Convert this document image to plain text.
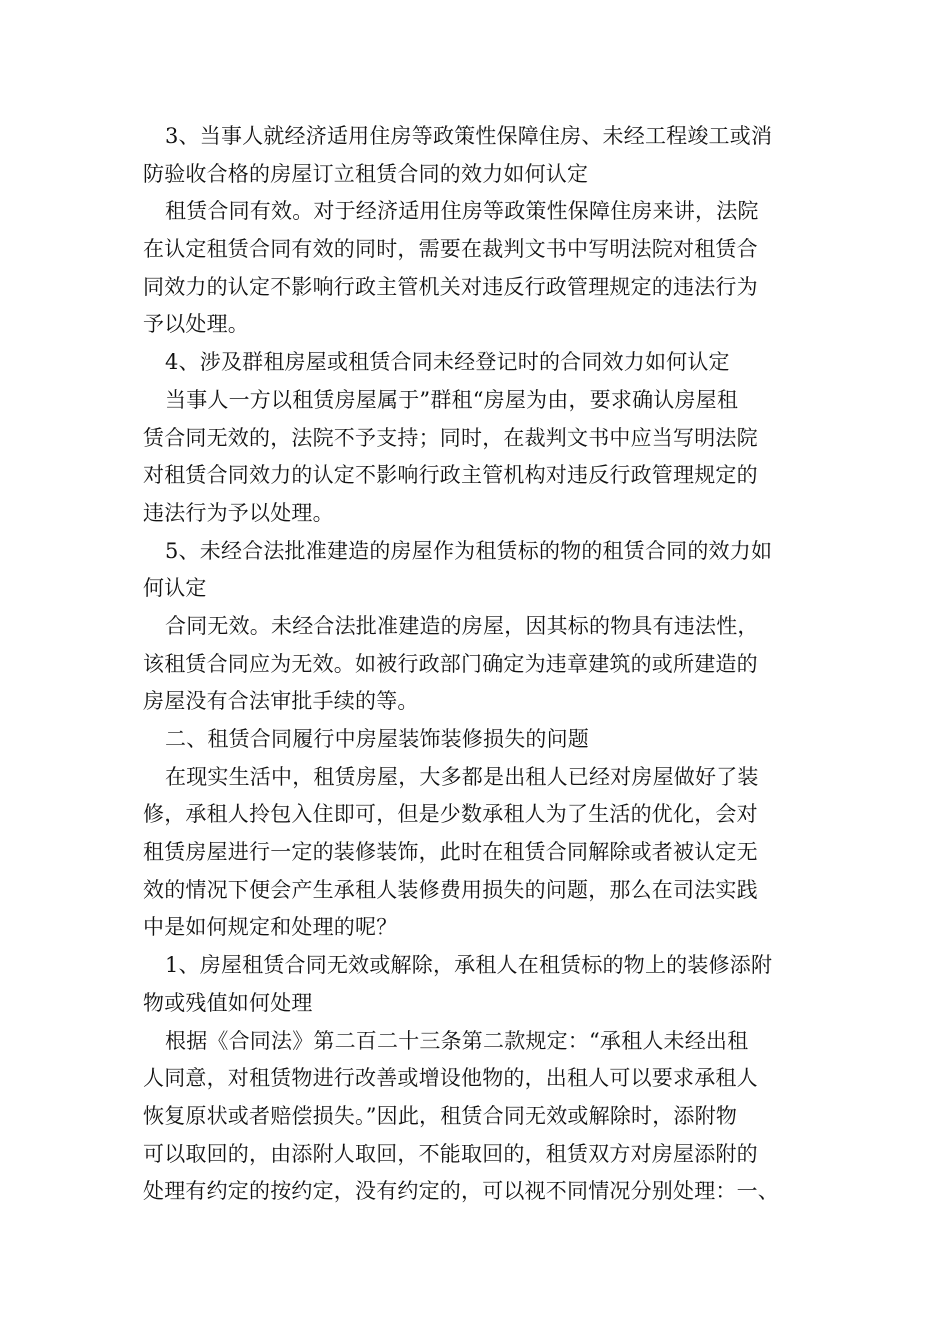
3、当事人就经济适用住房等政策性保障住房、未经工程竣工或消
防验收合格的房屋订立租赁合同的效力如何认定
租赁合同有效。对于经济适用住房等政策性保障住房来讲，法院
在认定租赁合同有效的同时，需要在裁判文书中写明法院对租赁合
同效力的认定不影响行政主管机关对违反行政管理规定的违法行为
予以处理。
4、涉及群租房屋或租赁合同未经登记时的合同效力如何认定
当事人一方以租赁房屋属于”群租“房屋为由，要求确认房屋租
赁合同无效的，法院不予支持；同时，在裁判文书中应当写明法院
对租赁合同效力的认定不影响行政主管机构对违反行政管理规定的
违法行为予以处理。
5、未经合法批准建造的房屋作为租赁标的物的租赁合同的效力如
何认定
合同无效。未经合法批准建造的房屋，因其标的物具有违法性，
该租赁合同应为无效。如被行政部门确定为违章建筑的或所建造的
房屋没有合法审批手续的等。
二、租赁合同履行中房屋装饰装修损失的问题
在现实生活中，租赁房屋，大多都是出租人已经对房屋做好了装
修，承租人拎包入住即可，但是少数承租人为了生活的优化，会对
租赁房屋进行一定的装修装饰，此时在租赁合同解除或者被认定无
效的情况下便会产生承租人装修费用损失的问题，那么在司法实践
中是如何规定和处理的呢？
1、房屋租赁合同无效或解除，承租人在租赁标的物上的装修添附
物或残值如何处理
根据《合同法》第二百二十三条第二款规定：“承租人未经出租
人同意，对租赁物进行改善或增设他物的，出租人可以要求承租人
恢复原状或者赔偿损失。”因此，租赁合同无效或解除时，添附物
可以取回的，由添附人取回，不能取回的，租赁双方对房屋添附的
处理有约定的按约定，没有约定的，可以视不同情况分别处理：一、
